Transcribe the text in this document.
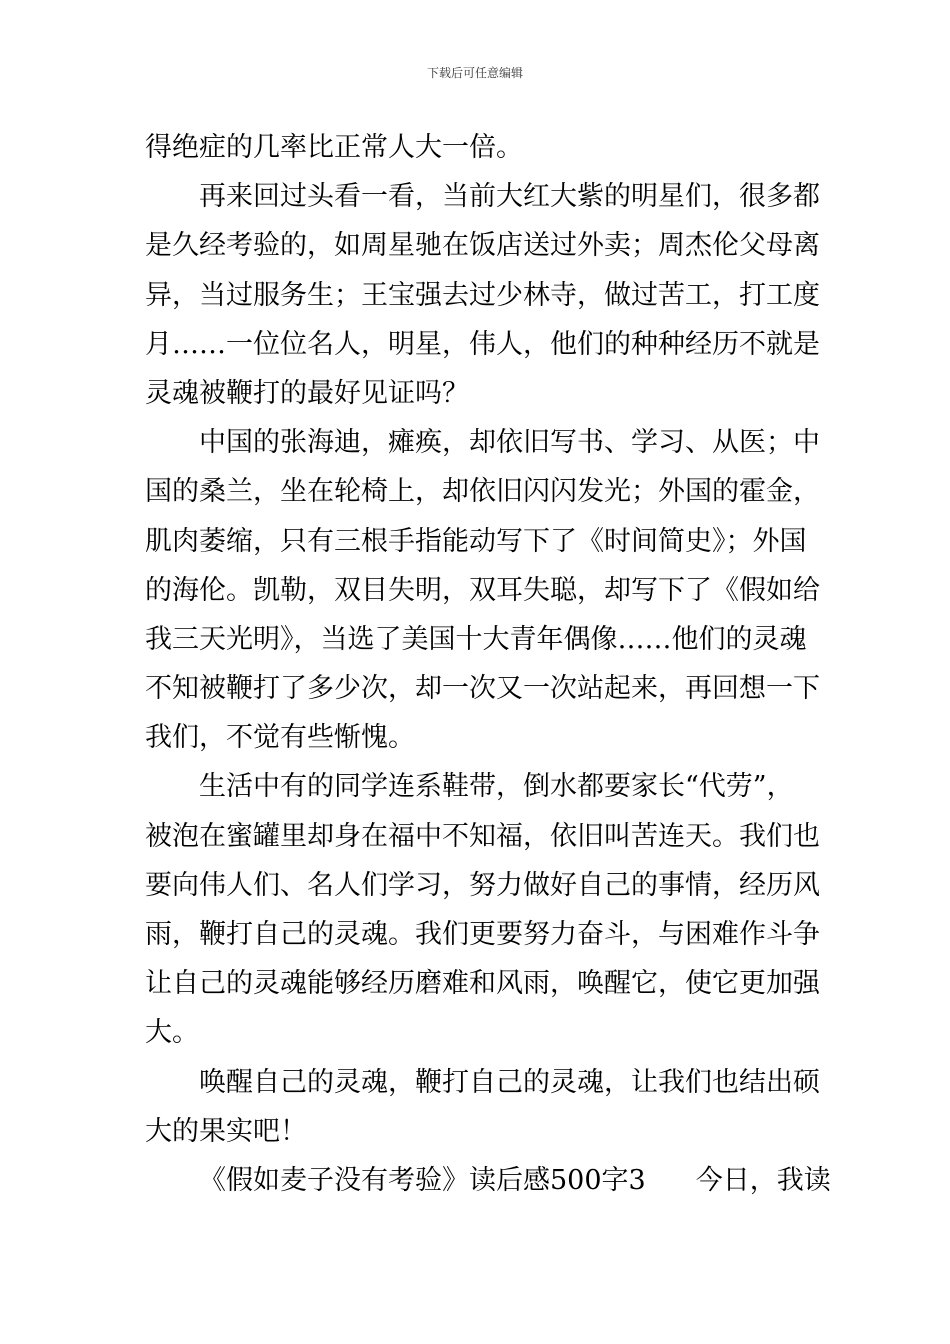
下载后可任意编辑
得绝症的几率比正常人大一倍。
再来回过头看一看，当前大红大紫的明星们，很多都
是久经考验的，如周星驰在饭店送过外卖；周杰伦父母离
异，当过服务生；王宝强去过少林寺，做过苦工，打工度
月……一位位名人，明星，伟人，他们的种种经历不就是
灵魂被鞭打的最好见证吗？
中国的张海迪，瘫痪，却依旧写书、学习、从医；中
国的桑兰，坐在轮椅上，却依旧闪闪发光；外国的霍金，
肌肉萎缩，只有三根手指能动写下了《时间简史》；外国
的海伦。凯勒，双目失明，双耳失聪，却写下了《假如给
我三天光明》，当选了美国十大青年偶像……他们的灵魂
不知被鞭打了多少次，却一次又一次站起来，再回想一下
我们，不觉有些惭愧。
生活中有的同学连系鞋带，倒水都要家长“代劳”，
被泡在蜜罐里却身在福中不知福，依旧叫苦连天。我们也
要向伟人们、名人们学习，努力做好自己的事情，经历风
雨，鞭打自己的灵魂。我们更要努力奋斗，与困难作斗争
让自己的灵魂能够经历磨难和风雨，唤醒它，使它更加强
大。
唤醒自己的灵魂，鞭打自己的灵魂，让我们也结出硕
大的果实吧！
《假如麦子没有考验》读后感500字3 今日，我读
